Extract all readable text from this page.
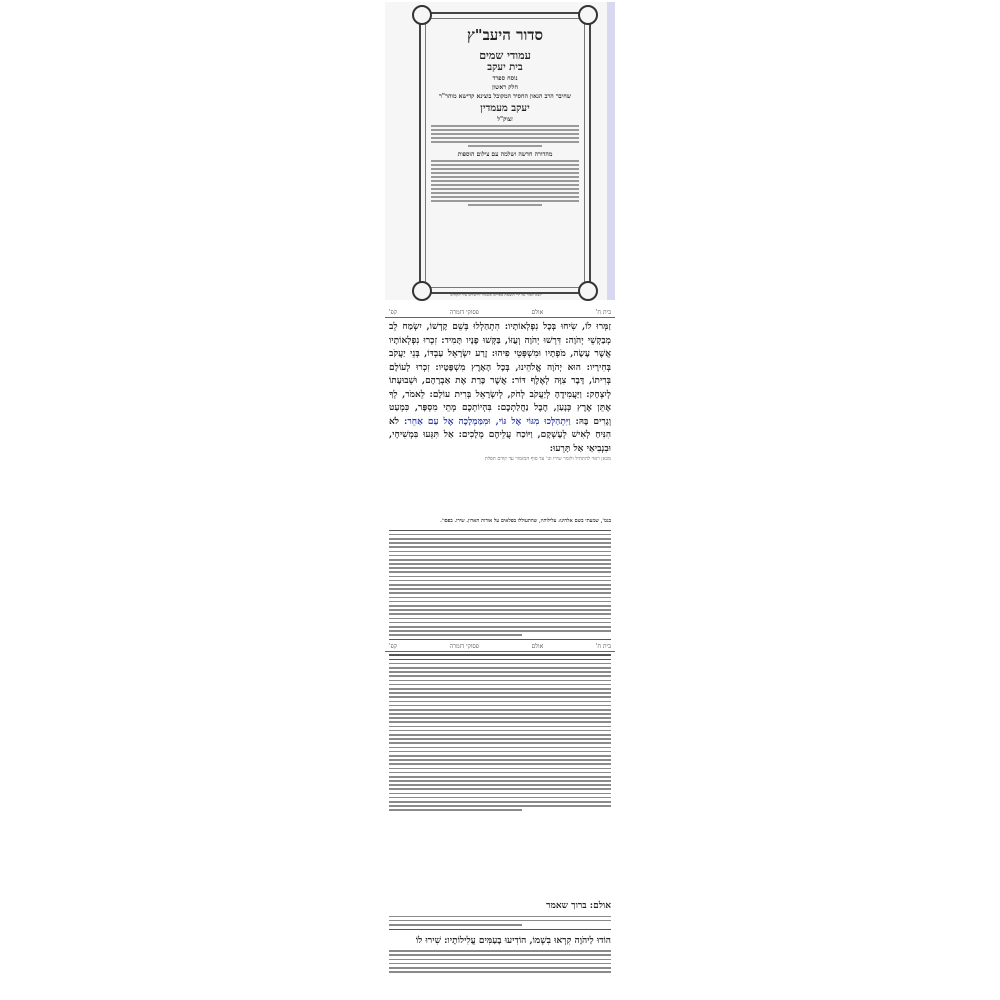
סדור היעב"ץ
עמודי שמים
בית יעקב
נוסח ספרד
חלק ראשון
שחיבר הרב הגאון החסיד המקובל בוצינא קדישא מוהר"ר
יעקב מעמדין
זצוק"ל
מהדורה חדשה ושלמה עם צילום הוספות
יוצא לאור על ידי הוצאת ספרים אשכול ירושלים עיר הקודש
אולם
פסוקי דזמרה	בית ח'
קפ'
זַמְּרוּ לוֹ, שִׂיחוּ בְּכָל נִפְלְאוֹתָיו: הִתְהַלְלוּ בְּשֵׁם קָדְשׁוֹ, יִשְׂמַח לֵב מְבַקְשֵׁי יְהֹוָה: דִּרְשׁוּ יְהֹוָה וְעֻזּוֹ, בַּקְּשׁוּ פָנָיו תָּמִיד: זִכְרוּ נִפְלְאוֹתָיו אֲשֶׁר עָשָׂה, מֹפְתָיו וּמִשְׁפְּטֵי פִיהוּ: זֶרַע יִשְׂרָאֵל עַבְדּוֹ, בְּנֵי יַעֲקֹב בְּחִירָיו: הוּא יְהֹוָה אֱלֹהֵינוּ, בְּכָל הָאָרֶץ מִשְׁפָּטָיו: זִכְרוּ לְעוֹלָם בְּרִיתוֹ, דָּבָר צִוָּה לְאֶלֶף דּוֹר: אֲשֶׁר כָּרַת אֶת אַבְרָהָם, וּשְׁבוּעָתוֹ לְיִצְחָק: וַיַּעֲמִידֶהָ לְיַעֲקֹב לְחֹק, לְיִשְׂרָאֵל בְּרִית עוֹלָם: לֵאמֹר, לְךָ אֶתֵּן אֶרֶץ כְּנָעַן, חֶבֶל נַחֲלַתְכֶם: בִּהְיוֹתְכֶם מְתֵי מִסְפָּר, כִּמְעַט וְגָרִים בָּהּ: וַיִּתְהַלְּכוּ מִגּוֹי אֶל גּוֹי, וּמִמַּמְלָכָה אֶל עַם אַחֵר: לֹא הִנִּיחַ לְאִישׁ לְעָשְׁקָם, וַיּוֹכַח עֲלֵיהֶם מְלָכִים: אַל תִּגְּעוּ בִּמְשִׁיחָי, וּבִנְבִיאַי אַל תָּרֵעוּ:
מכאן ראוי להתחיל ולומר שירו וגו' עד סוף המזמור עד קודם תפלת
בגמ', שמעתי בשם אלהינו: עלילותיו, שהתעוללו בפלאים על אודות הארון. שירו. בפסו'.
אולם
פסוקי דזמרה	בית ח'
קפ'
אולם: ברוך שאמר
הוֹדוּ לַיהֹוָה קִרְאוּ בִשְׁמוֹ, הוֹדִיעוּ בָעַמִּים עֲלִילוֹתָיו: שִׁירוּ לוֹ
